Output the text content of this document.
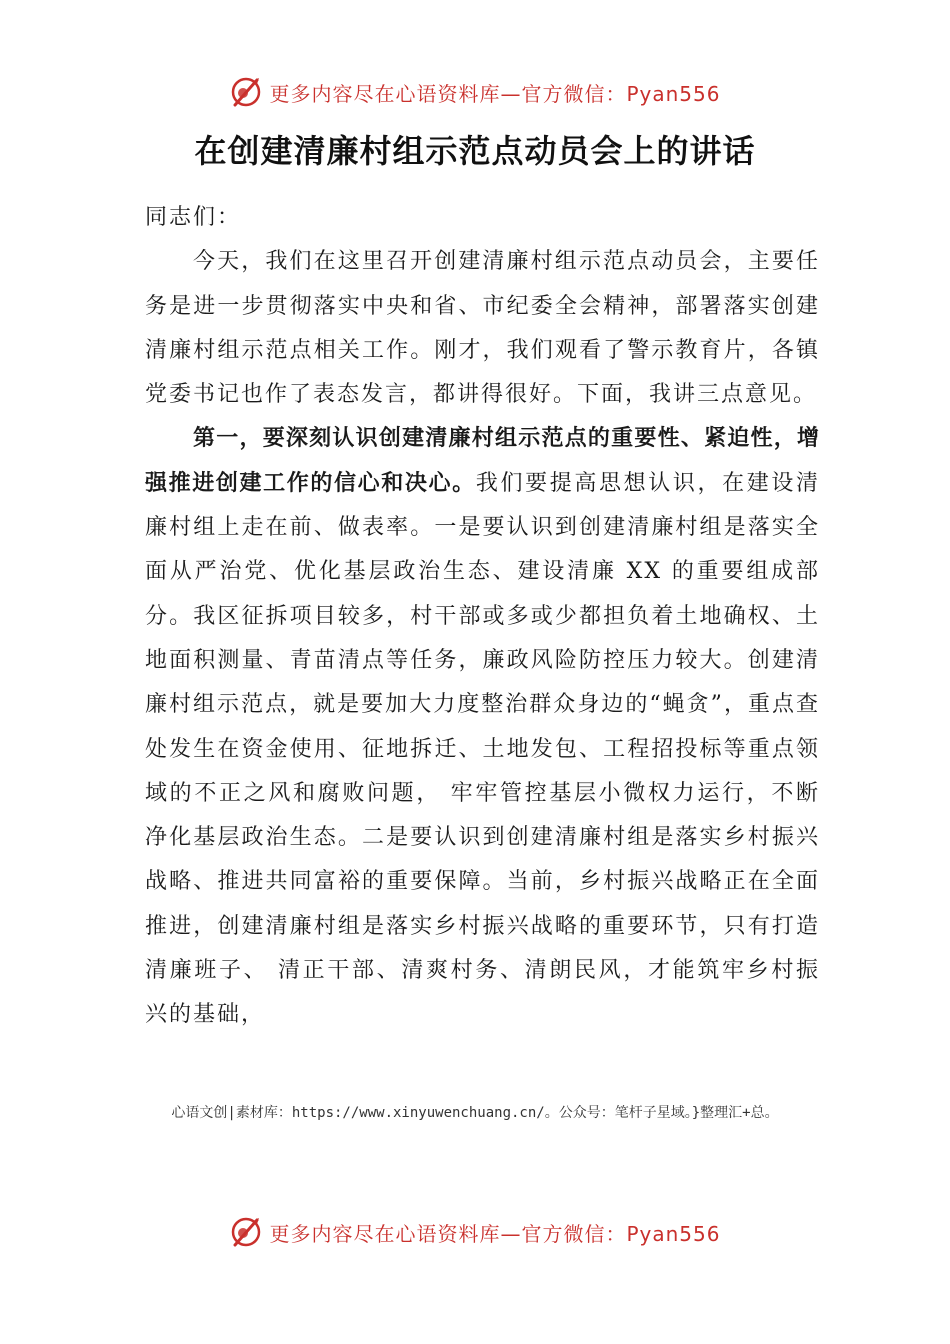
更多内容尽在心语资料库—官方微信：Pyan556
在创建清廉村组示范点动员会上的讲话

同志们：

今天，我们在这里召开创建清廉村组示范点动员会，主要任务是进一步贯彻落实中央和省、市纪委全会精神，部署落实创建清廉村组示范点相关工作。刚才，我们观看了警示教育片，各镇党委书记也作了表态发言，都讲得很好。下面，我讲三点意见。

第一，要深刻认识创建清廉村组示范点的重要性、紧迫性，增强推进创建工作的信心和决心。我们要提高思想认识，在建设清廉村组上走在前、做表率。一是要认识到创建清廉村组是落实全面从严治党、优化基层政治生态、建设清廉 XX 的重要组成部分。我区征拆项目较多，村干部或多或少都担负着土地确权、土地面积测量、青苗清点等任务，廉政风险防控压力较大。创建清廉村组示范点，就是要加大力度整治群众身边的“蝇贪”，重点查处发生在资金使用、征地拆迁、土地发包、工程招投标等重点领域的不正之风和腐败问题， 牢牢管控基层小微权力运行，不断净化基层政治生态。二是要认识到创建清廉村组是落实乡村振兴战略、推进共同富裕的重要保障。当前，乡村振兴战略正在全面推进，创建清廉村组是落实乡村振兴战略的重要环节，只有打造清廉班子、 清正干部、清爽村务、清朗民风，才能筑牢乡村振兴的基础，

心语文创|素材库：https://www.xinyuwenchuang.cn/。公众号：笔杆子星域。}整理汇+总。
更多内容尽在心语资料库—官方微信：Pyan556
